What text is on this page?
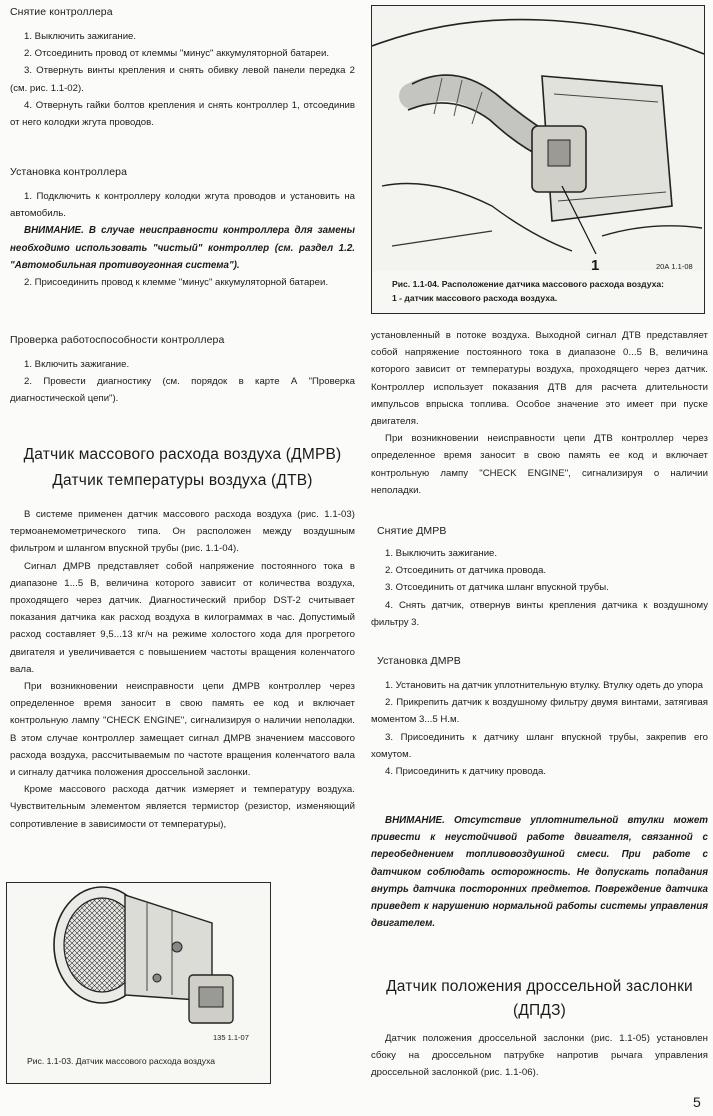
Снятие контроллера

1. Выключить зажигание.

2. Отсоединить провод от клеммы "минус" аккумуляторной батареи.

3. Отвернуть винты крепления и снять обивку левой панели передка 2 (см. рис. 1.1-02).

4. Отвернуть гайки болтов крепления и снять контроллер 1, отсоединив от него колодки жгута проводов.

Установка контроллера

1. Подключить к контроллеру колодки жгута проводов и установить на автомобиль.

ВНИМАНИЕ. В случае неисправности контроллера для замены необходимо использовать "чистый" контроллер (см. раздел 1.2. "Автомобильная противоугонная система").

2. Присоединить провод к клемме "минус" аккумуляторной батареи.

Проверка работоспособности контроллера

1. Включить зажигание.

2. Провести диагностику (см. порядок в карте А "Проверка диагностической цепи").

Датчик массового расхода воздуха (ДМРВ)
Датчик температуры воздуха (ДТВ)

В системе применен датчик массового расхода воздуха (рис. 1.1-03) термоанемометрического типа. Он расположен между воздушным фильтром и шлангом впускной трубы (рис. 1.1-04).

Сигнал ДМРВ представляет собой напряжение постоянного тока в диапазоне 1...5 В, величина которого зависит от количества воздуха, проходящего через датчик. Диагностический прибор DST-2 считывает показания датчика как расход воздуха в килограммах в час. Допустимый расход составляет 9,5...13 кг/ч на режиме холостого хода для прогретого двигателя и увеличивается с повышением частоты вращения коленчатого вала.

При возникновении неисправности цепи ДМРВ контроллер через определенное время заносит в свою память ее код и включает контрольную лампу "CHECK ENGINE", сигнализируя о наличии неполадки. В этом случае контроллер замещает сигнал ДМРВ значением массового расхода воздуха, рассчитываемым по частоте вращения коленчатого вала и сигналу датчика положения дроссельной заслонки.

Кроме массового расхода датчик измеряет и температуру воздуха. Чувствительным элементом является термистор (резистор, изменяющий сопротивление в зависимости от температуры),

135 1.1-07
Рис. 1.1-03. Датчик массового расхода воздуха
1	20А 1.1-08
Рис. 1.1-04. Расположение датчика массового расхода воздуха:
1 - датчик массового расхода воздуха.

установленный в потоке воздуха. Выходной сигнал ДТВ представляет собой напряжение постоянного тока в диапазоне 0...5 В, величина которого зависит от температуры воздуха, проходящего через датчик. Контроллер использует показания ДТВ для расчета длительности импульсов впрыска топлива. Особое значение это имеет при пуске двигателя.

При возникновении неисправности цепи ДТВ контроллер через определенное время заносит в свою память ее код и включает контрольную лампу "CHECK ENGINE", сигнализируя о наличии неполадки.

Снятие ДМРВ

1. Выключить зажигание.

2. Отсоединить от датчика провода.

3. Отсоединить от датчика шланг впускной трубы.

4. Снять датчик, отвернув винты крепления датчика к воздушному фильтру 3.

Установка ДМРВ

1. Установить на датчик уплотнительную втулку. Втулку одеть до упора

2. Прикрепить датчик к воздушному фильтру двумя винтами, затягивая моментом 3...5 Н.м.

3. Присоединить к датчику шланг впускной трубы, закрепив его хомутом.

4. Присоединить к датчику провода.

ВНИМАНИЕ. Отсутствие уплотнительной втулки может привести к неустойчивой работе двигателя, связанной с переобеднением топливовоздушной смеси. При работе с датчиком соблюдать осторожность. Не допускать попадания внутрь датчика посторонних предметов. Повреждение датчика приведет к нарушению нормальной работы системы управления двигателем.

Датчик положения дроссельной заслонки
(ДПДЗ)

Датчик положения дроссельной заслонки (рис. 1.1-05) установлен сбоку на дроссельном патрубке напротив рычага управления дроссельной заслонкой (рис. 1.1-06).

5
